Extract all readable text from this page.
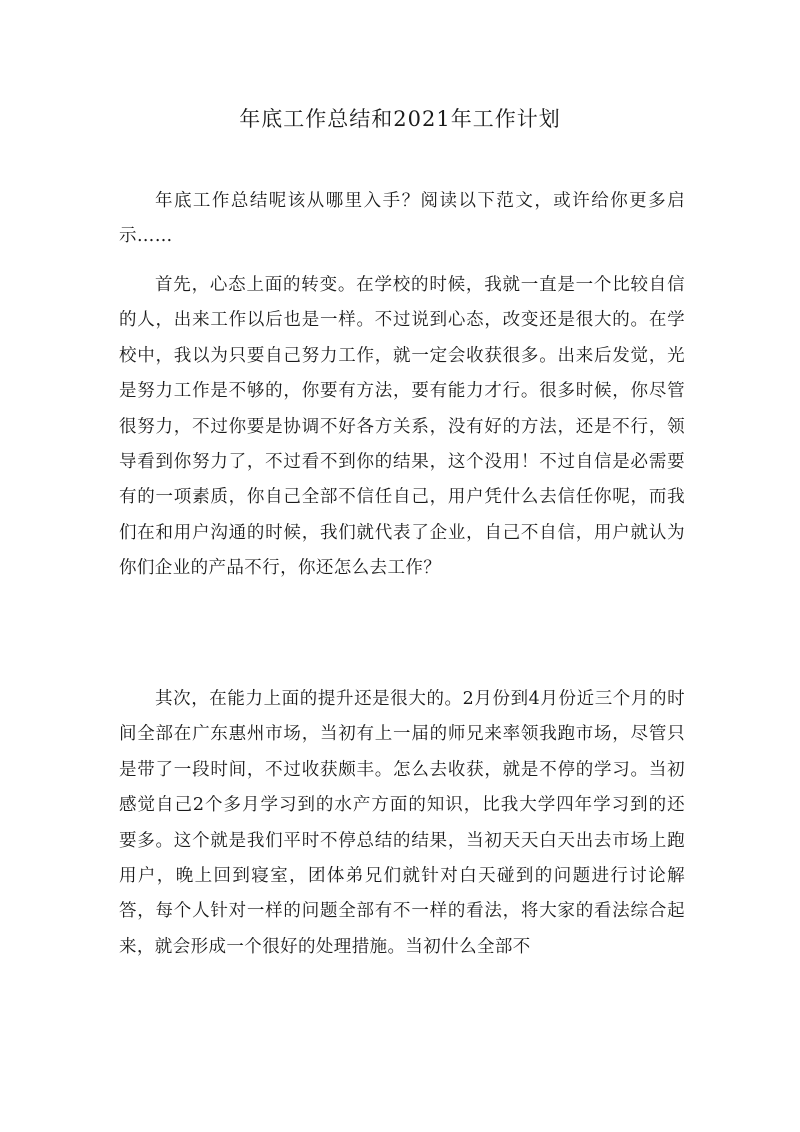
年底工作总结和2021年工作计划

年底工作总结呢该从哪里入手？阅读以下范文，或许给你更多启示……

首先，心态上面的转变。在学校的时候，我就一直是一个比较自信的人，出来工作以后也是一样。不过说到心态，改变还是很大的。在学校中，我以为只要自己努力工作，就一定会收获很多。出来后发觉，光是努力工作是不够的，你要有方法，要有能力才行。很多时候，你尽管很努力，不过你要是协调不好各方关系，没有好的方法，还是不行，领导看到你努力了，不过看不到你的结果，这个没用！不过自信是必需要有的一项素质，你自己全部不信任自己，用户凭什么去信任你呢，而我们在和用户沟通的时候，我们就代表了企业，自己不自信，用户就认为你们企业的产品不行，你还怎么去工作？

其次，在能力上面的提升还是很大的。2月份到4月份近三个月的时间全部在广东惠州市场，当初有上一届的师兄来率领我跑市场，尽管只是带了一段时间，不过收获颇丰。怎么去收获，就是不停的学习。当初感觉自己2个多月学习到的水产方面的知识，比我大学四年学习到的还要多。这个就是我们平时不停总结的结果，当初天天白天出去市场上跑用户，晚上回到寝室，团体弟兄们就针对白天碰到的问题进行讨论解答，每个人针对一样的问题全部有不一样的看法，将大家的看法综合起来，就会形成一个很好的处理措施。当初什么全部不
